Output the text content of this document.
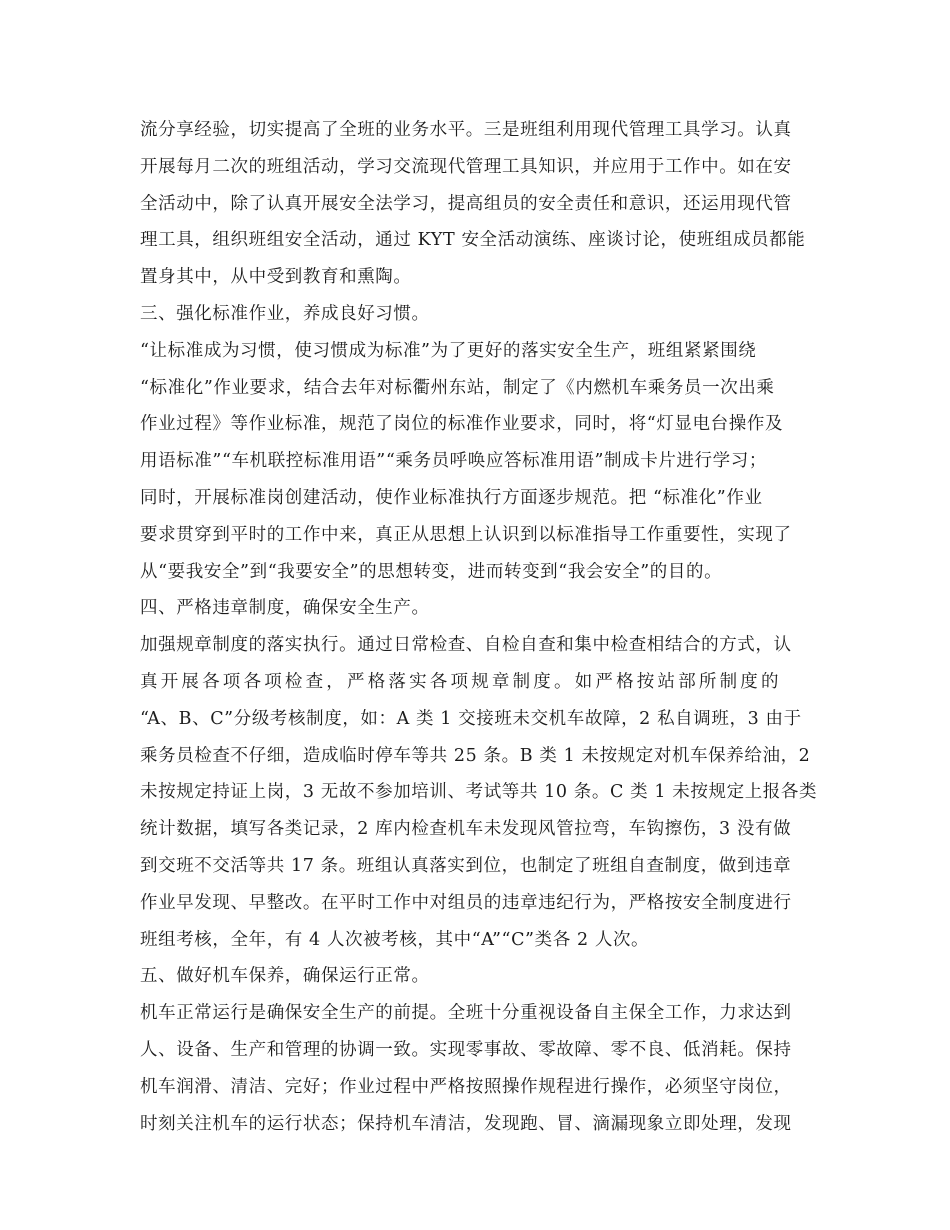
流分享经验，切实提高了全班的业务水平。三是班组利用现代管理工具学习。认真
开展每月二次的班组活动，学习交流现代管理工具知识，并应用于工作中。如在安
全活动中，除了认真开展安全法学习，提高组员的安全责任和意识，还运用现代管
理工具，组织班组安全活动，通过 KYT 安全活动演练、座谈讨论，使班组成员都能
置身其中，从中受到教育和熏陶。
三、强化标准作业，养成良好习惯。
“让标准成为习惯，使习惯成为标准”为了更好的落实安全生产，班组紧紧围绕
“标准化”作业要求，结合去年对标衢州东站，制定了《内燃机车乘务员一次出乘
作业过程》等作业标准，规范了岗位的标准作业要求，同时，将“灯显电台操作及
用语标准”“车机联控标准用语”“乘务员呼唤应答标准用语”制成卡片进行学习；
同时，开展标准岗创建活动，使作业标准执行方面逐步规范。把 “标准化”作业
要求贯穿到平时的工作中来，真正从思想上认识到以标准指导工作重要性，实现了
从“要我安全”到“我要安全”的思想转变，进而转变到“我会安全”的目的。
四、严格违章制度，确保安全生产。
加强规章制度的落实执行。通过日常检查、自检自查和集中检查相结合的方式，认
真开展各项各项检查，严格落实各项规章制度。如严格按站部所制度的
“A、B、C”分级考核制度，如：A 类 1 交接班未交机车故障，2 私自调班，3 由于
乘务员检查不仔细，造成临时停车等共 25 条。B 类 1 未按规定对机车保养给油，2
未按规定持证上岗，3 无故不参加培训、考试等共 10 条。C 类 1 未按规定上报各类
统计数据，填写各类记录，2 库内检查机车未发现风管拉弯，车钩擦伤，3 没有做
到交班不交活等共 17 条。班组认真落实到位，也制定了班组自查制度，做到违章
作业早发现、早整改。在平时工作中对组员的违章违纪行为，严格按安全制度进行
班组考核，全年，有 4 人次被考核，其中“A”“C”类各 2 人次。
五、做好机车保养，确保运行正常。
机车正常运行是确保安全生产的前提。全班十分重视设备自主保全工作，力求达到
人、设备、生产和管理的协调一致。实现零事故、零故障、零不良、低消耗。保持
机车润滑、清洁、完好；作业过程中严格按照操作规程进行操作，必须坚守岗位，
时刻关注机车的运行状态；保持机车清洁，发现跑、冒、滴漏现象立即处理，发现
